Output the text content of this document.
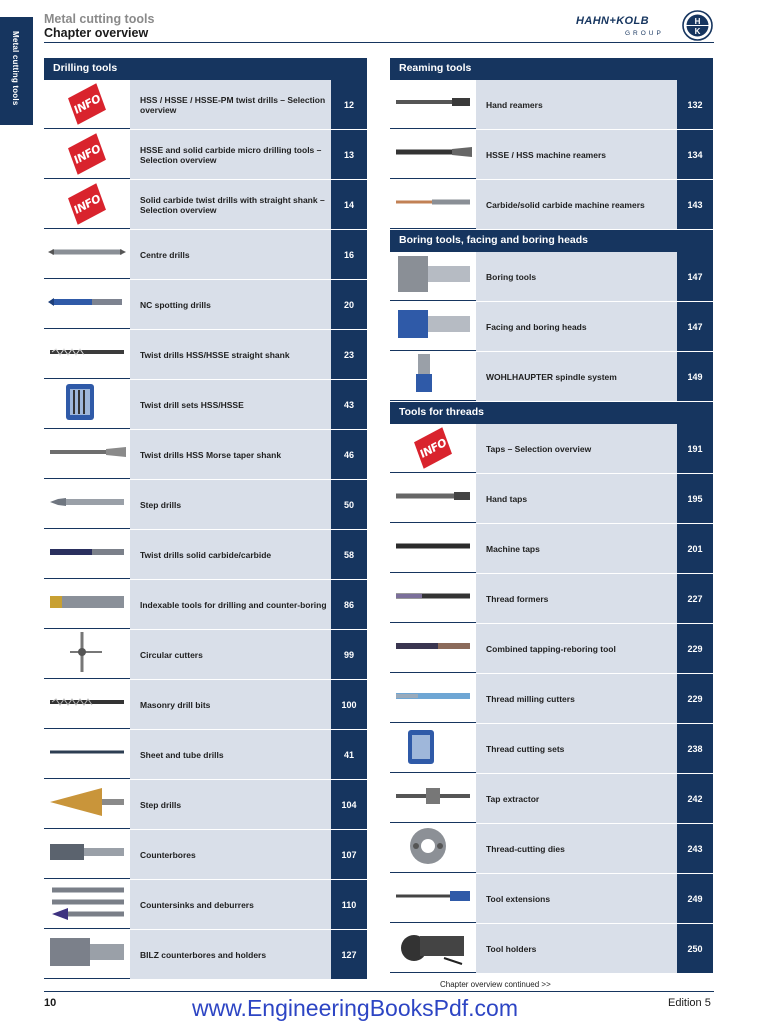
Metal cutting tools
Metal cutting tools
Chapter overview
HAHN+KOLB
GROUP
H
K
Drilling tools
INFO	HSS / HSSE / HSSE-PM twist drills – Selection overview	12
INFO	HSSE and solid carbide micro drilling tools – Selection overview	13
INFO	Solid carbide twist drills with straight shank – Selection overview	14
Centre drills	16
NC spotting drills	20
Twist drills HSS/HSSE straight shank	23
Twist drill sets HSS/HSSE	43
Twist drills HSS Morse taper shank	46
Step drills	50
Twist drills solid carbide/carbide	58
Indexable tools for drilling and counter-boring	86
Circular cutters	99
Masonry drill bits	100
Sheet and tube drills	41
Step drills	104
Counterbores	107
Countersinks and deburrers	110
BILZ counterbores and holders	127
Reaming tools
Hand reamers	132
HSSE / HSS machine reamers	134
Carbide/solid carbide machine reamers	143
Boring tools, facing and boring heads
Boring tools	147
Facing and boring heads	147
WOHLHAUPTER spindle system	149
Tools for threads
INFO	Taps – Selection overview	191
Hand taps	195
Machine taps	201
Thread formers	227
Combined tapping-reboring tool	229
Thread milling cutters	229
Thread cutting sets	238
Tap extractor	242
Thread-cutting dies	243
Tool extensions	249
Tool holders	250
Chapter overview continued >>
10	www.EngineeringBooksPdf.com	Edition 5
